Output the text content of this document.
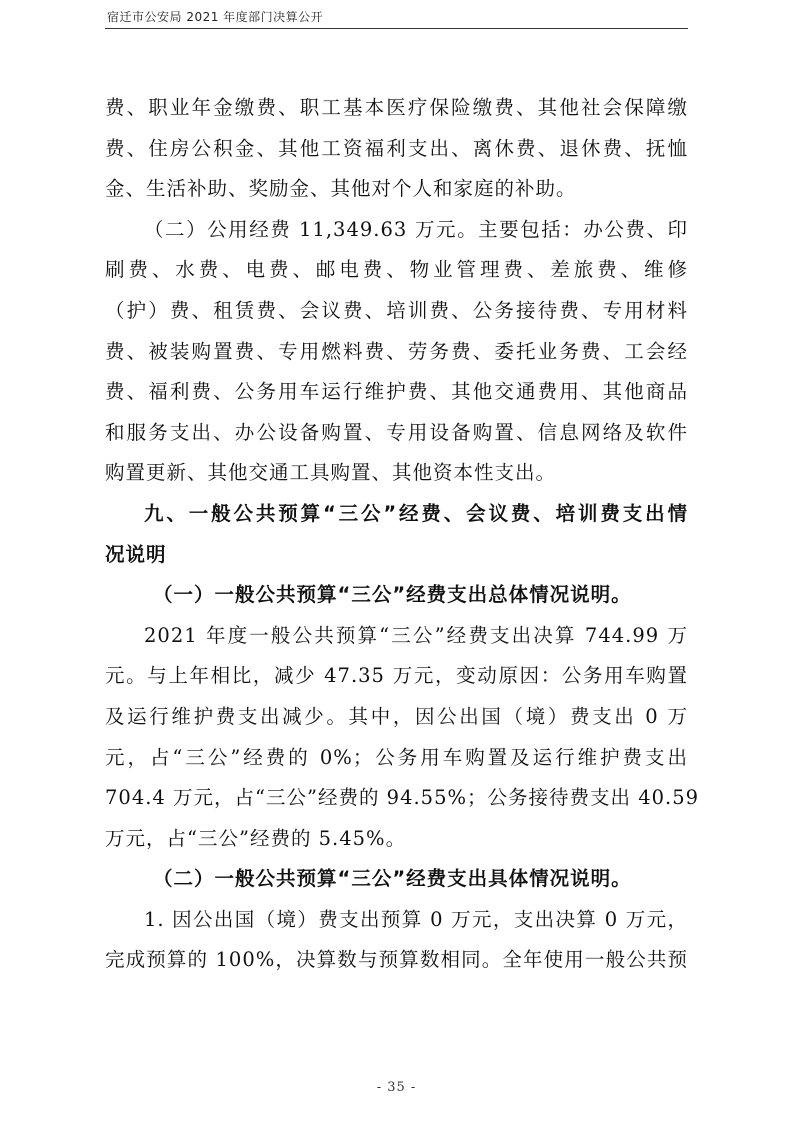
宿迁市公安局 2021 年度部门决算公开
费、职业年金缴费、职工基本医疗保险缴费、其他社会保障缴
费、住房公积金、其他工资福利支出、离休费、退休费、抚恤
金、生活补助、奖励金、其他对个人和家庭的补助。
（二）公用经费 11,349.63 万元。主要包括：办公费、印
刷费、水费、电费、邮电费、物业管理费、差旅费、维修
（护）费、租赁费、会议费、培训费、公务接待费、专用材料
费、被装购置费、专用燃料费、劳务费、委托业务费、工会经
费、福利费、公务用车运行维护费、其他交通费用、其他商品
和服务支出、办公设备购置、专用设备购置、信息网络及软件
购置更新、其他交通工具购置、其他资本性支出。
九、一般公共预算“三公”经费、会议费、培训费支出情
况说明
（一）一般公共预算“三公”经费支出总体情况说明。
2021 年度一般公共预算“三公”经费支出决算 744.99 万
元。与上年相比，减少 47.35 万元，变动原因：公务用车购置
及运行维护费支出减少。其中，因公出国（境）费支出 0 万
元，占“三公”经费的 0%；公务用车购置及运行维护费支出
704.4 万元，占“三公”经费的 94.55%；公务接待费支出 40.59
万元，占“三公”经费的 5.45%。
（二）一般公共预算“三公”经费支出具体情况说明。
1. 因公出国（境）费支出预算 0 万元，支出决算 0 万元，
完成预算的 100%，决算数与预算数相同。全年使用一般公共预
- 35 -
